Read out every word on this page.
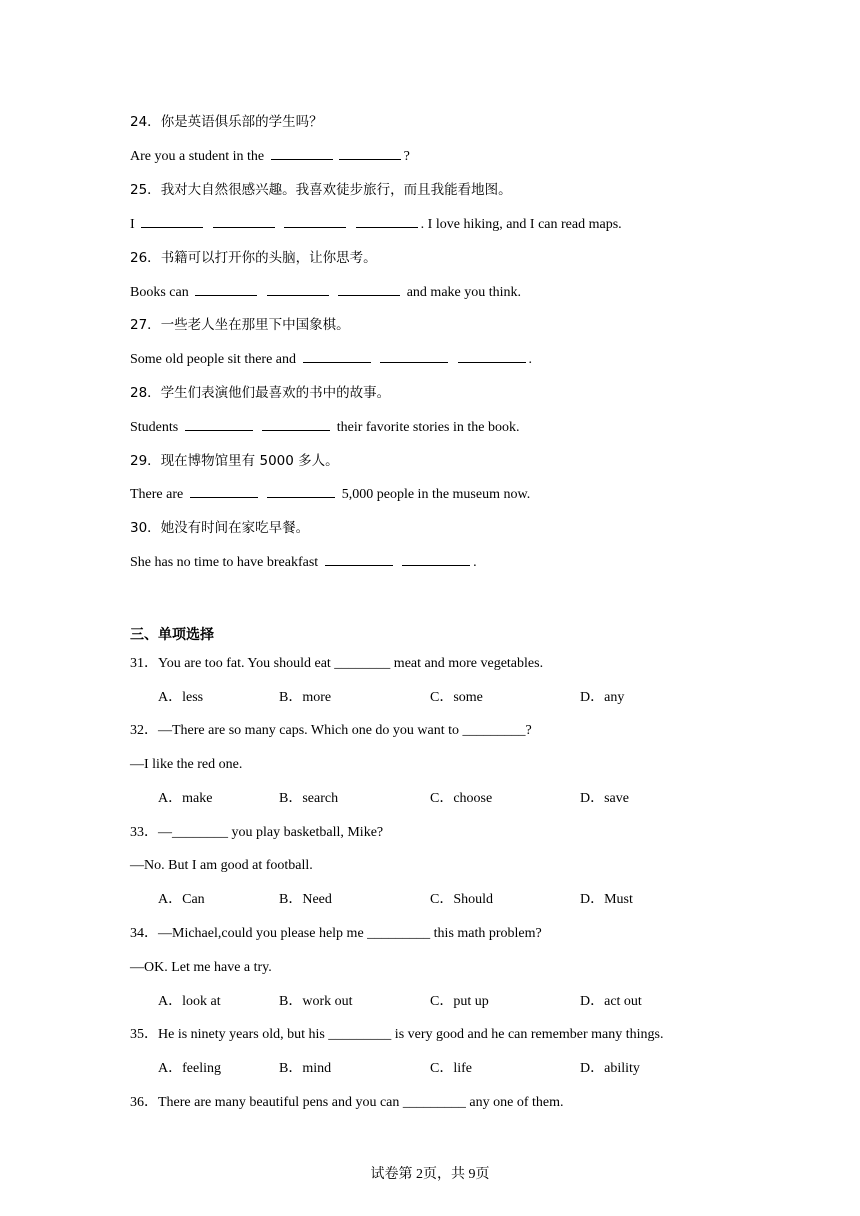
24．你是英语俱乐部的学生吗？
Are you a student in the	?
25．我对大自然很感兴趣。我喜欢徒步旅行，而且我能看地图。
I	. I love hiking, and I can read maps.
26．书籍可以打开你的头脑，让你思考。
Books can	and make you think.
27．一些老人坐在那里下中国象棋。
Some old people sit there and	.
28．学生们表演他们最喜欢的书中的故事。
Students	their favorite stories in the book.
29．现在博物馆里有 5000 多人。
There are	5,000 people in the museum now.
30．她没有时间在家吃早餐。
She has no time to have breakfast	.
三、单项选择
31．You are too fat. You should eat ________ meat and more vegetables.
A．less	B．more	C．some	D．any
32．—There are so many caps. Which one do you want to _________?
—I like the red one.
A．make	B．search	C．choose	D．save
33．—________ you play basketball, Mike?
—No. But I am good at football.
A．Can	B．Need	C．Should	D．Must
34．—Michael,could you please help me _________ this math problem?
—OK. Let me have a try.
A．look at	B．work out	C．put up	D．act out
35．He is ninety years old, but his _________ is very good and he can remember many things.
A．feeling	B．mind	C．life	D．ability
36．There are many beautiful pens and you can _________ any one of them.
试卷第 2页，共 9页
